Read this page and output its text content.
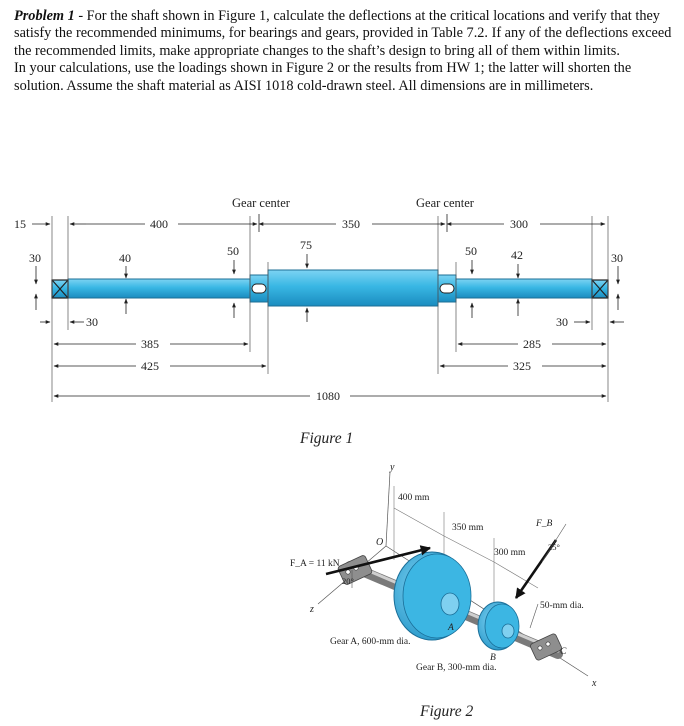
Problem 1 - For the shaft shown in Figure 1, calculate the deflections at the critical locations and verify that they satisfy the recommended minimums, for bearings and gears, provided in Table 7.2. If any of the deflections exceed the recommended limits, make appropriate changes to the shaft’s design to bring all of them within limits.

In your calculations, use the loadings shown in Figure 2 or the results from HW 1; the latter will shorten the solution. Assume the shaft material as AISI 1018 cold-drawn steel. All dimensions are in millimeters.

15	400	350	300
Gear center	Gear center
30	40	50	75	50	42	30
30	30
385
425
285
325
1080
Figure 1
y
z
x
O
400 mm
350 mm
300 mm
A
B
C
F_A = 11 kN
20°
F_B
25°
50-mm dia.
Gear A, 600-mm dia.
Gear B, 300-mm dia.
Figure 2
